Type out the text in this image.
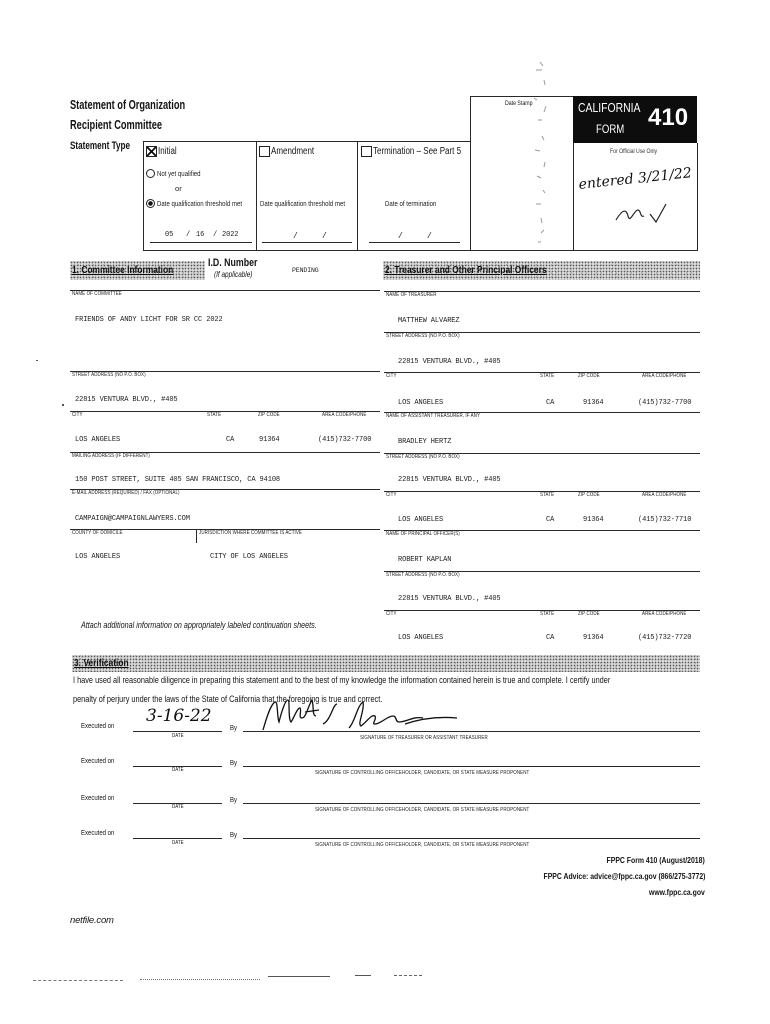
Statement of Organization
Recipient Committee
Statement Type
Date Stamp	CALIFORNIA
FORM 410
For Official Use Only
entered 3/21/22
Initial	Amendment	Termination – See Part 5
Not yet qualified
or
Date qualification threshold met Date qualification threshold met	Date of termination
05 / 16 / 2022	/	/	/	/
1. Committee Information
I.D. Number
(If applicable)	PENDING	2. Treasurer and Other Principal Officers
NAME OF COMMITTEE
FRIENDS OF ANDY LICHT FOR SR CC 2022
STREET ADDRESS (NO P.O. BOX)
22815 VENTURA BLVD., #405
CITY	STATE	ZIP CODE	AREA CODE/PHONE
LOS ANGELES	CA	91364	(415)732-7700
MAILING ADDRESS (IF DIFFERENT)
150 POST STREET, SUITE 405 SAN FRANCISCO, CA 94108
E-MAIL ADDRESS (REQUIRED) / FAX (OPTIONAL)
CAMPAIGN@CAMPAIGNLAWYERS.COM
COUNTY OF DOMICILE	JURISDICTION WHERE COMMITTEE IS ACTIVE
LOS ANGELES	CITY OF LOS ANGELES
Attach additional information on appropriately labeled continuation sheets.
NAME OF TREASURER
MATTHEW ALVAREZ
STREET ADDRESS (NO P.O. BOX)
22815 VENTURA BLVD., #405
CITY	STATE	ZIP CODE	AREA CODE/PHONE
LOS ANGELES	CA	91364	(415)732-7700
NAME OF ASSISTANT TREASURER, IF ANY
BRADLEY HERTZ
STREET ADDRESS (NO P.O. BOX)
22815 VENTURA BLVD., #405
CITY	STATE	ZIP CODE	AREA CODE/PHONE
LOS ANGELES	CA	91364	(415)732-7710
NAME OF PRINCIPAL OFFICER(S)
ROBERT KAPLAN
STREET ADDRESS (NO P.O. BOX)
22815 VENTURA BLVD., #405
CITY	STATE	ZIP CODE	AREA CODE/PHONE
LOS ANGELES	CA	91364	(415)732-7720
3. Verification
I have used all reasonable diligence in preparing this statement and to the best of my knowledge the information contained herein is true and complete. I certify under
penalty of perjury under the laws of the State of California that the foregoing is true and correct.
Executed on 3-16-22
DATE
By
SIGNATURE OF TREASURER OR ASSISTANT TREASURER
Executed on
DATE
By
SIGNATURE OF CONTROLLING OFFICEHOLDER, CANDIDATE, OR STATE MEASURE PROPONENT
Executed on
DATE
By
SIGNATURE OF CONTROLLING OFFICEHOLDER, CANDIDATE, OR STATE MEASURE PROPONENT
Executed on
DATE
By
SIGNATURE OF CONTROLLING OFFICEHOLDER, CANDIDATE, OR STATE MEASURE PROPONENT
FPPC Form 410 (August/2018)
FPPC Advice: advice@fppc.ca.gov (866/275-3772)
www.fppc.ca.gov
netfile.com
